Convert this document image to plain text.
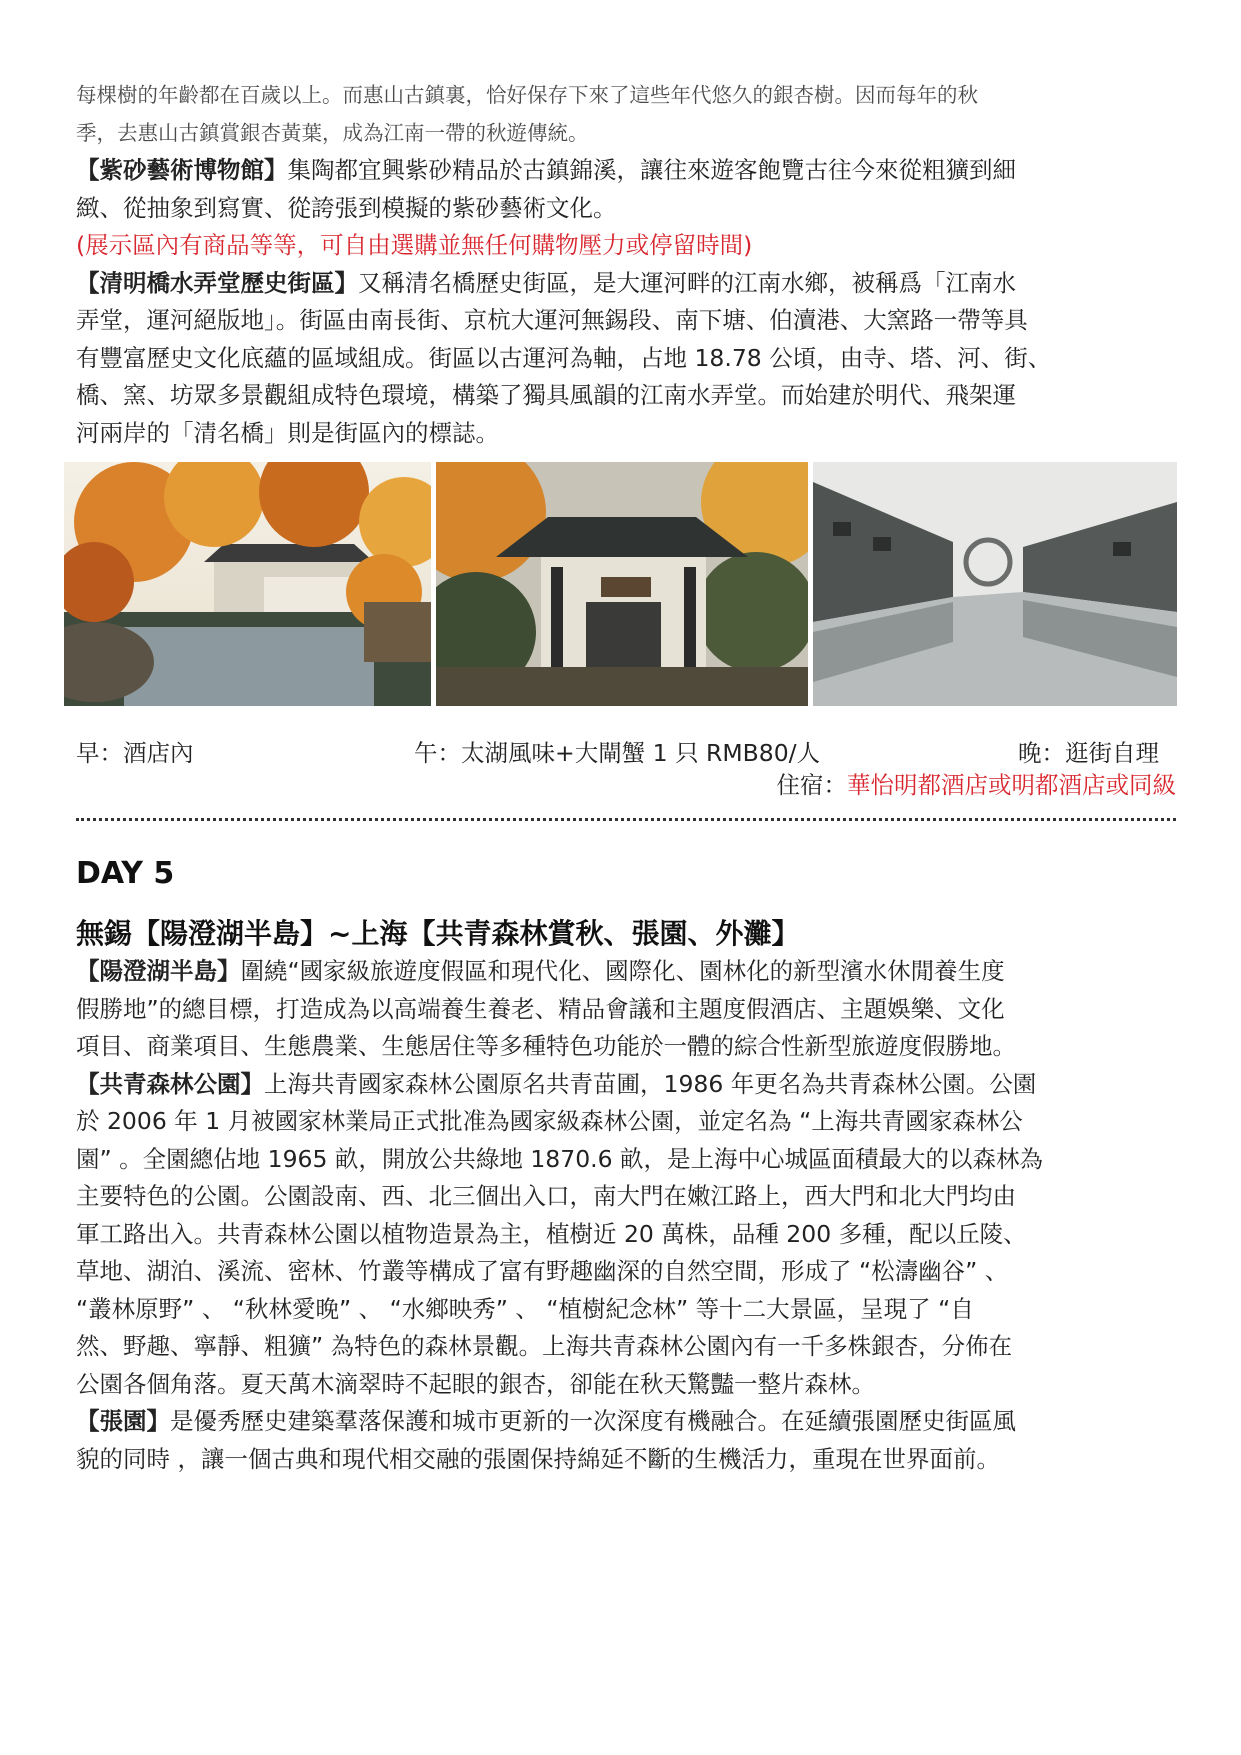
每棵樹的年齡都在百歲以上。而惠山古鎮裏，恰好保存下來了這些年代悠久的銀杏樹。因而每年的秋

季，去惠山古鎮賞銀杏黃葉，成為江南一帶的秋遊傳統。

【紫砂藝術博物館】集陶都宜興紫砂精品於古鎮錦溪，讓往來遊客飽覽古往今來從粗獷到細

緻、從抽象到寫實、從誇張到模擬的紫砂藝術文化。

(展示區內有商品等等，可自由選購並無任何購物壓力或停留時間)

【清明橋水弄堂歷史街區】又稱清名橋歷史街區，是大運河畔的江南水鄉，被稱爲「江南水

弄堂，運河絕版地」。街區由南長街、京杭大運河無錫段、南下塘、伯瀆港、大窯路一帶等具

有豐富歷史文化底蘊的區域組成。街區以古運河為軸，占地 18.78 公頃，由寺、塔、河、街、

橋、窯、坊眾多景觀組成特色環境，構築了獨具風韻的江南水弄堂。而始建於明代、飛架運

河兩岸的「清名橋」則是街區內的標誌。

早：酒店內	午：太湖風味+大閘蟹 1 只 RMB80/人	晚：逛街自理
住宿：華怡明都酒店或明都酒店或同級
DAY 5
無錫【陽澄湖半島】~上海【共青森林賞秋、張園、外灘】

【陽澄湖半島】圍繞“國家級旅遊度假區和現代化、國際化、園林化的新型濱水休閒養生度

假勝地”的總目標，打造成為以高端養生養老、精品會議和主題度假酒店、主題娛樂、文化

項目、商業項目、生態農業、生態居住等多種特色功能於一體的綜合性新型旅遊度假勝地。

【共青森林公園】上海共青國家森林公園原名共青苗圃，1986 年更名為共青森林公園。公園

於 2006 年 1 月被國家林業局正式批准為國家級森林公園，並定名為 “上海共青國家森林公

園” 。全園總佔地 1965 畝，開放公共綠地 1870.6 畝，是上海中心城區面積最大的以森林為

主要特色的公園。公園設南、西、北三個出入口，南大門在嫩江路上，西大門和北大門均由

軍工路出入。共青森林公園以植物造景為主，植樹近 20 萬株，品種 200 多種，配以丘陵、

草地、湖泊、溪流、密林、竹叢等構成了富有野趣幽深的自然空間，形成了 “松濤幽谷” 、

“叢林原野” 、 “秋林愛晚” 、 “水鄉映秀” 、 “植樹紀念林” 等十二大景區，呈現了 “自

然、野趣、寧靜、粗獷” 為特色的森林景觀。上海共青森林公園內有一千多株銀杏，分佈在

公園各個角落。夏天萬木滴翠時不起眼的銀杏，卻能在秋天驚豔一整片森林。

【張園】是優秀歷史建築羣落保護和城市更新的一次深度有機融合。在延續張園歷史街區風

貌的同時 ，讓一個古典和現代相交融的張園保持綿延不斷的生機活力，重現在世界面前。
